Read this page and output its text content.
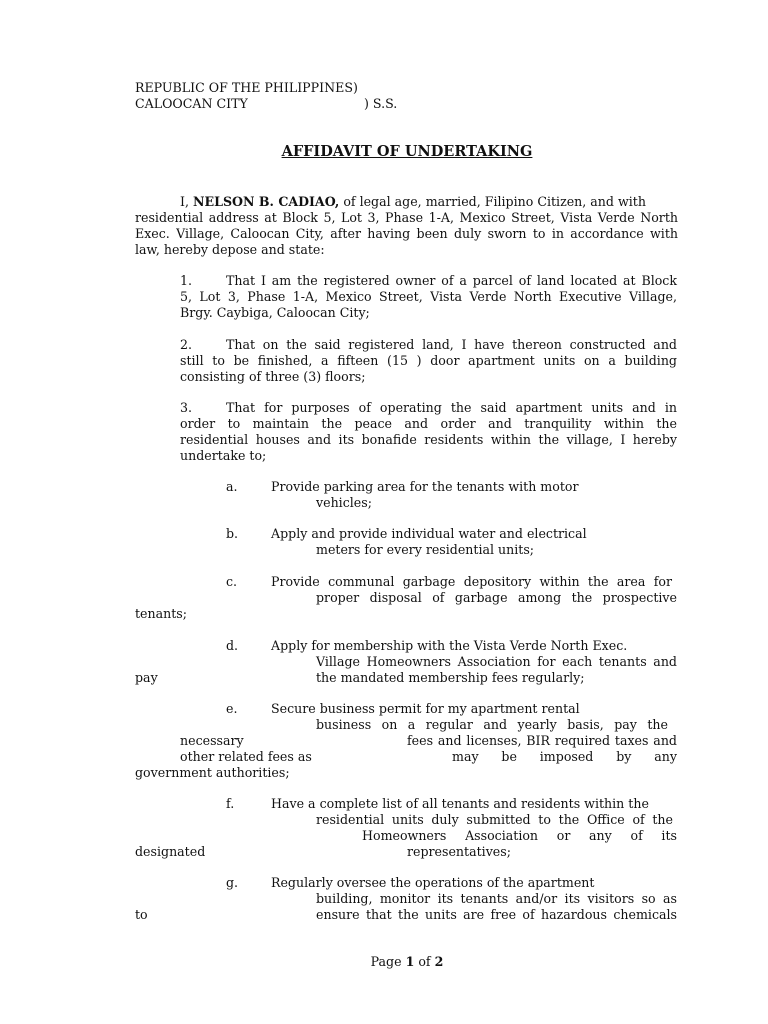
REPUBLIC OF THE PHILIPPINES)
CALOOCAN CITY	) S.S.
AFFIDAVIT OF UNDERTAKING
I, NELSON B. CADIAO, of legal age, married, Filipino Citizen, and with
residential address at Block 5, Lot 3, Phase 1-A, Mexico Street, Vista Verde North
Exec. Village, Caloocan City, after having been duly sworn to in accordance with
law, hereby depose and state:
1.	That I am the registered owner of a parcel of land located at Block
5, Lot 3, Phase 1-A, Mexico Street, Vista Verde North Executive Village,
Brgy. Caybiga, Caloocan City;
2.	That on the said registered land, I have thereon constructed and
still to be finished, a fifteen (15 ) door apartment units on a building
consisting of three (3) floors;
3.	That for purposes of operating the said apartment units and in
order to maintain the peace and order and tranquility within the
residential houses and its bonafide residents within the village, I hereby
undertake to;
a.	Provide parking area for the tenants with motor
vehicles;
b.	Apply and provide individual water and electrical
meters for every residential units;
c.	Provide communal garbage depository within the area for
proper disposal of garbage among the prospective
tenants;
d.	Apply for membership with the Vista Verde North Exec.
Village Homeowners Association for each tenants and
pay	the mandated membership fees regularly;
e.	Secure business permit for my apartment rental
business on a regular and yearly basis, pay the
necessary	fees and licenses, BIR required taxes and
other related fees as	may be imposed by any
government authorities;
f.	Have a complete list of all tenants and residents within the
residential units duly submitted to the Office of the
Homeowners Association or any of its
designated	representatives;
g.	Regularly oversee the operations of the apartment
building, monitor its tenants and/or its visitors so as
to	ensure that the units are free of hazardous chemicals
Page 1 of 2
